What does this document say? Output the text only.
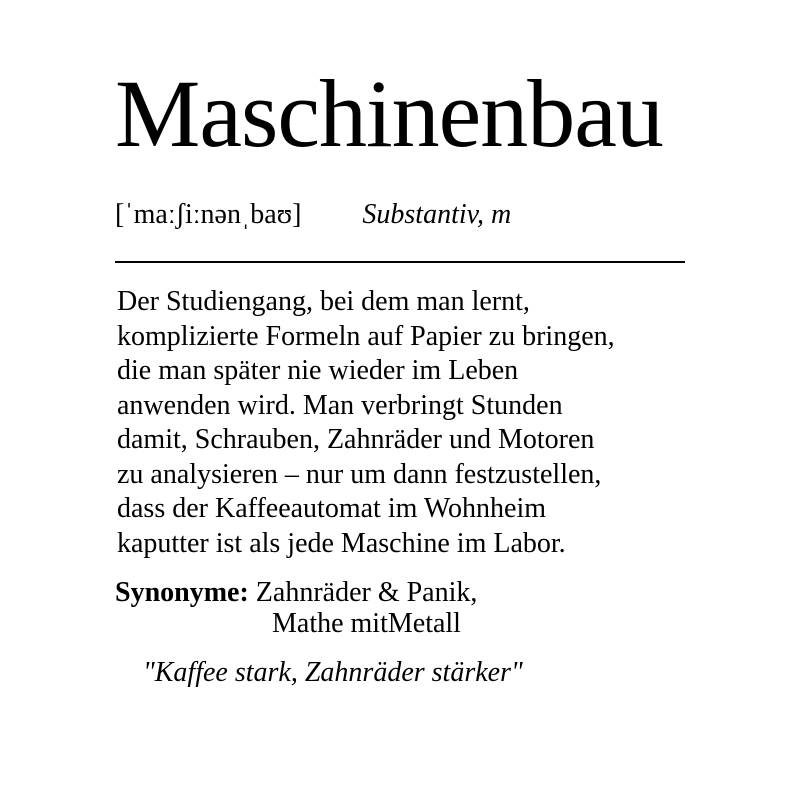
Maschinenbau
[ˈmaːʃiːnənˌbaʊ] Substantiv, m
Der Studiengang, bei dem man lernt,
komplizierte Formeln auf Papier zu bringen,
die man später nie wieder im Leben
anwenden wird. Man verbringt Stunden
damit, Schrauben, Zahnräder und Motoren
zu analysieren – nur um dann festzustellen,
dass der Kaffeeautomat im Wohnheim
kaputter ist als jede Maschine im Labor.
Synonyme: Zahnräder & Panik,
Mathe mitMetall
"Kaffee stark, Zahnräder stärker"
